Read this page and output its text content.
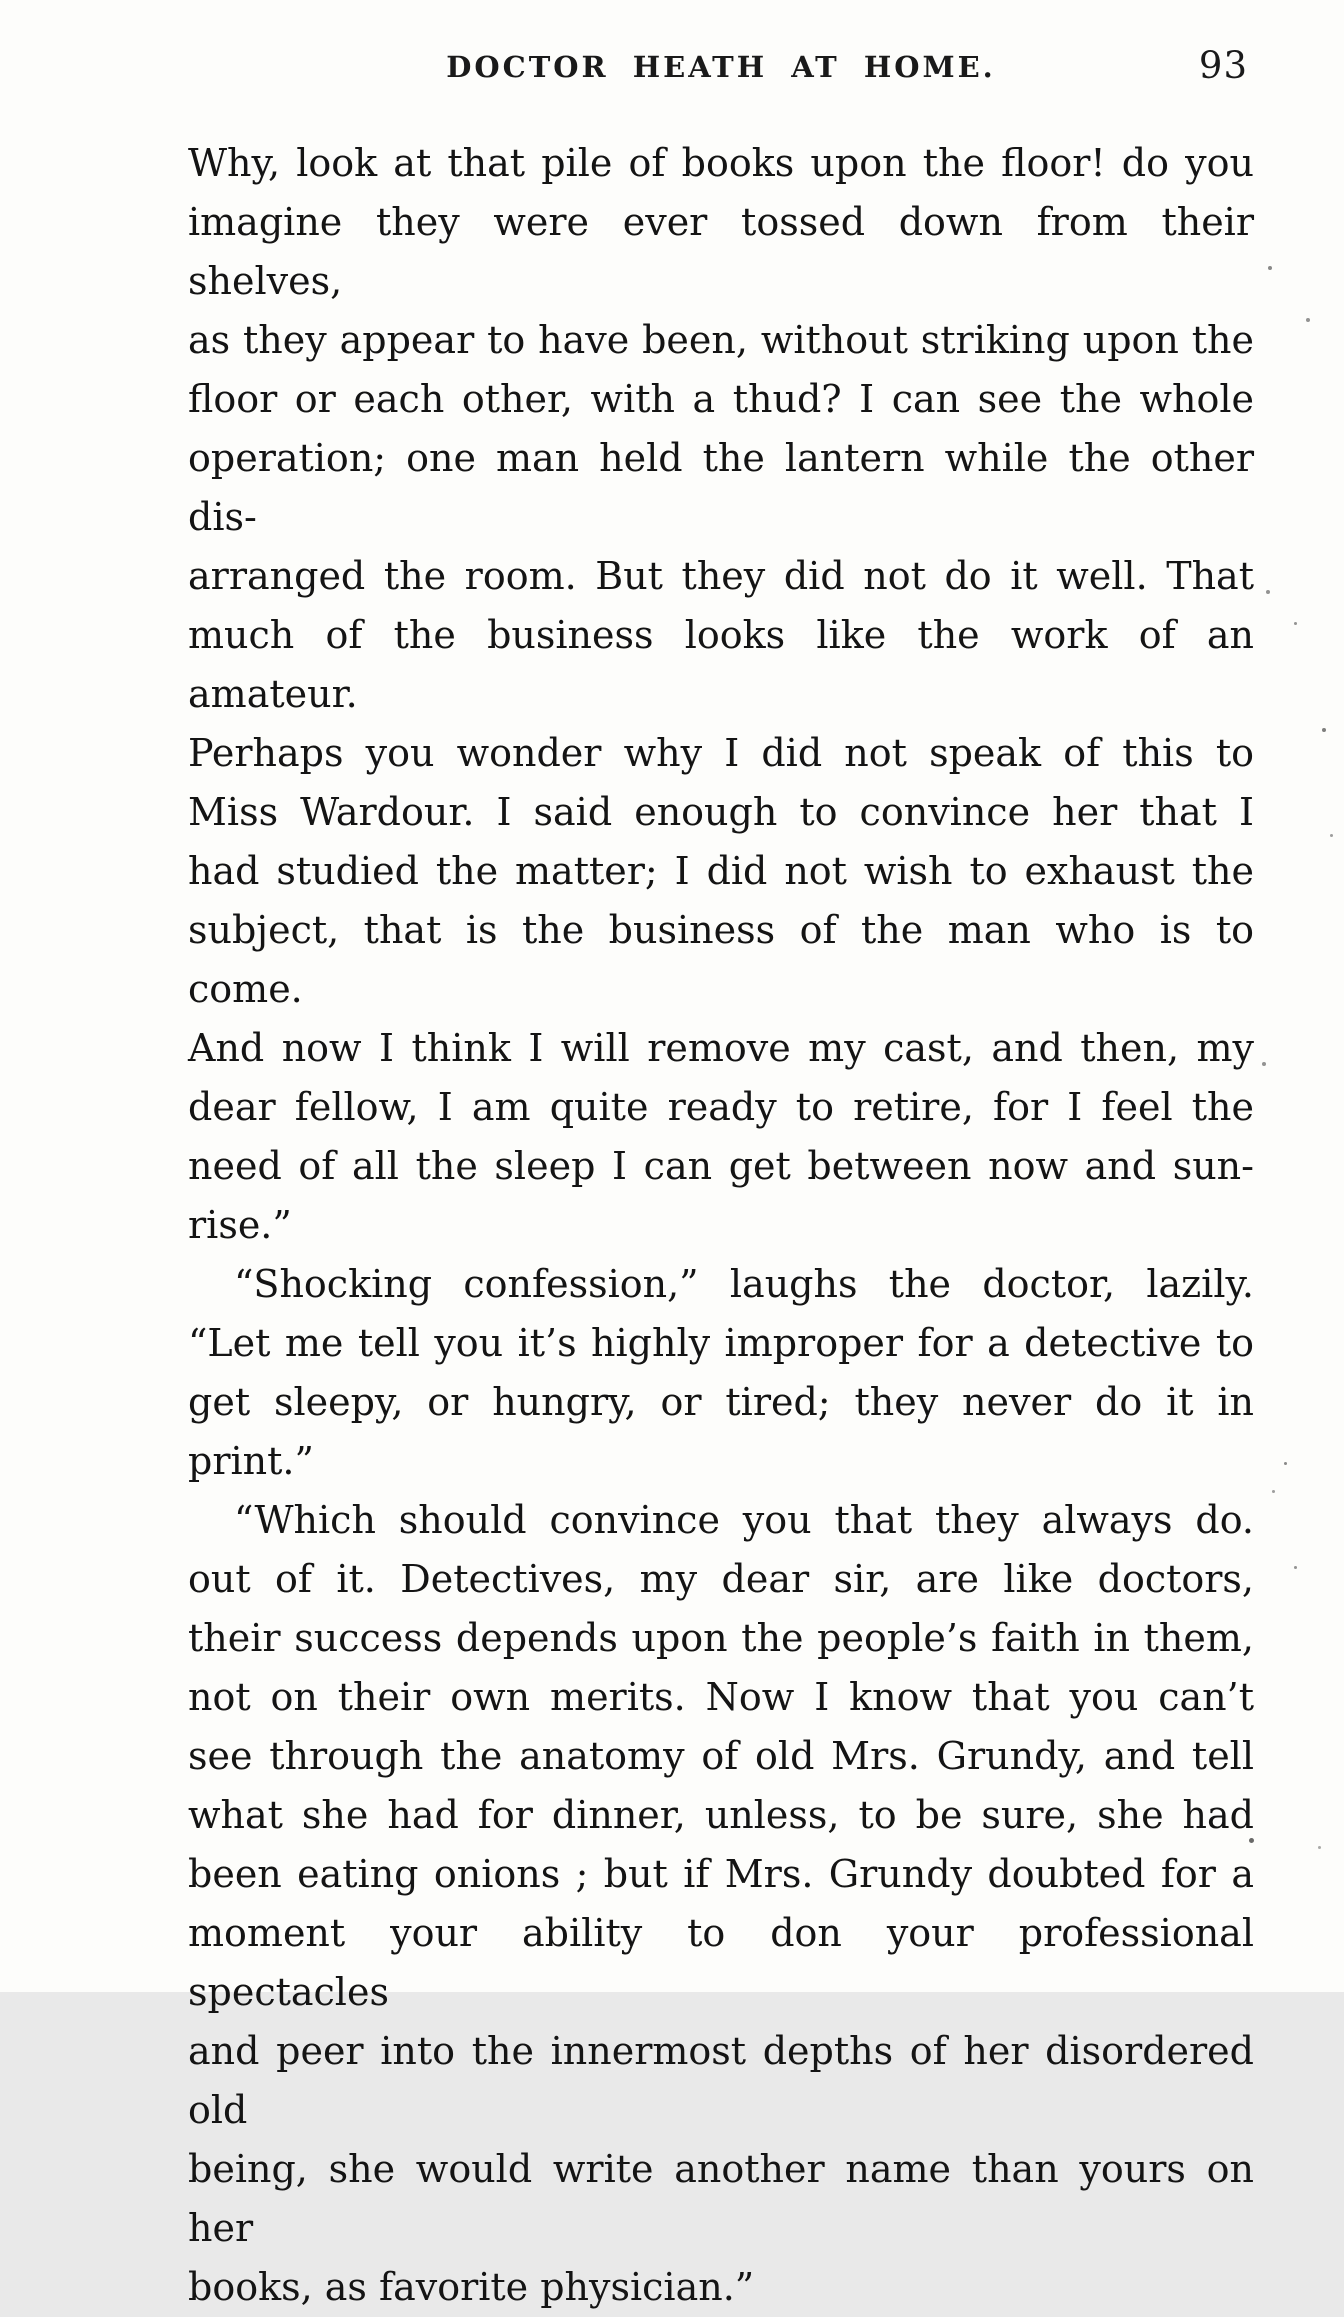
DOCTOR HEATH AT HOME.	93
Why, look at that pile of books upon the floor! do you
imagine they were ever tossed down from their shelves,
as they appear to have been, without striking upon the
floor or each other, with a thud? I can see the whole
operation; one man held the lantern while the other dis-
arranged the room. But they did not do it well. That
much of the business looks like the work of an amateur.
Perhaps you wonder why I did not speak of this to
Miss Wardour. I said enough to convince her that I
had studied the matter; I did not wish to exhaust the
subject, that is the business of the man who is to come.
And now I think I will remove my cast, and then, my
dear fellow, I am quite ready to retire, for I feel the
need of all the sleep I can get between now and sun-
rise.”
“Shocking confession,” laughs the doctor, lazily.
“Let me tell you it’s highly improper for a detective to
get sleepy, or hungry, or tired; they never do it in
print.”
“Which should convince you that they always do.
out of it. Detectives, my dear sir, are like doctors,
their success depends upon the people’s faith in them,
not on their own merits. Now I know that you can’t
see through the anatomy of old Mrs. Grundy, and tell
what she had for dinner, unless, to be sure, she had
been eating onions ; but if Mrs. Grundy doubted for a
moment your ability to don your professional spectacles
and peer into the innermost depths of her disordered old
being, she would write another name than yours on her
books, as favorite physician.”
